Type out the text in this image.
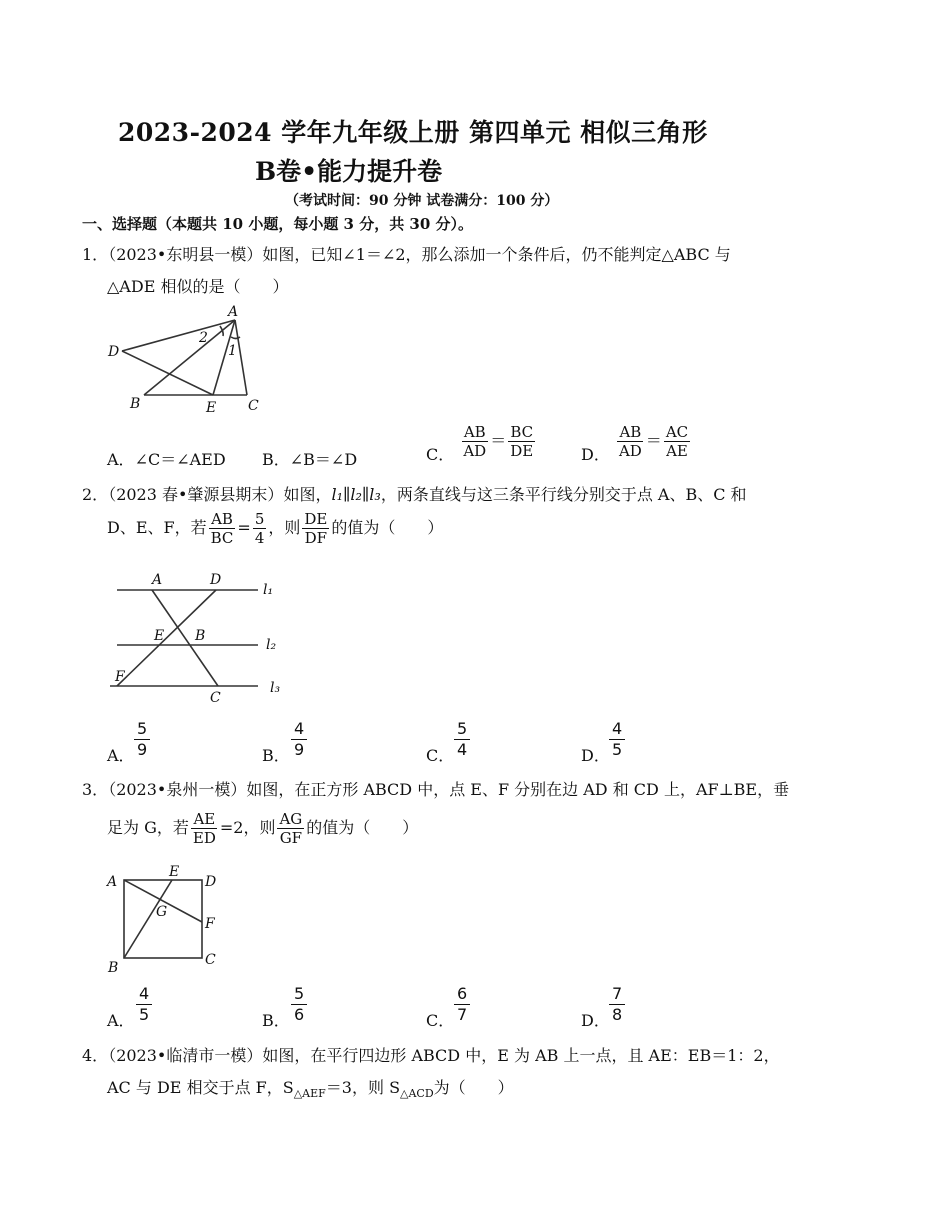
2023-2024 学年九年级上册 第四单元 相似三角形
B卷•能力提升卷
（考试时间：90 分钟 试卷满分：100 分）
一、选择题（本题共 10 小题，每小题 3 分，共 30 分）。
1．（2023•东明县一模）如图，已知∠1＝∠2，那么添加一个条件后，仍不能判定△ABC 与
△ADE 相似的是（　　）
A
D
B	E C
2
1
A．∠C＝∠AED B．∠B＝∠D	C． $\frac{AB}{AD} = \frac{BC}{DE}$	D． $\frac{AB}{AD} = \frac{AC}{AE}$
2．（2023 春•肇源县期末）如图，l₁∥l₂∥l₃，两条直线与这三条平行线分别交于点 A、B、C 和
D、E、F，若 $\frac{AB}{BC} = \frac{5}{4}$ ，则 $\frac{DE}{DF}$ 的值为（　　）
A	D
E B
F
C
l₁
l₂
l₃
A． $\frac{5}{9}$	B． $\frac{4}{9}$	C． $\frac{5}{4}$	D． $\frac{4}{5}$
3．（2023•泉州一模）如图，在正方形 ABCD 中，点 E、F 分别在边 AD 和 CD 上，AF⊥BE，垂
足为 G，若 $\frac{AE}{ED} =2$，则 $\frac{AG}{GF}$ 的值为（　　）
A
E
D
G
F
B	C
A． $\frac{4}{5}$	B． $\frac{5}{6}$	C． $\frac{6}{7}$	D． $\frac{7}{8}$
4．（2023•临清市一模）如图，在平行四边形 ABCD 中，E 为 AB 上一点，且 AE：EB＝1：2，
AC 与 DE 相交于点 F，$S_{\triangle AEF}=3$，则 $S_{\triangle ACD}$为（　　）
